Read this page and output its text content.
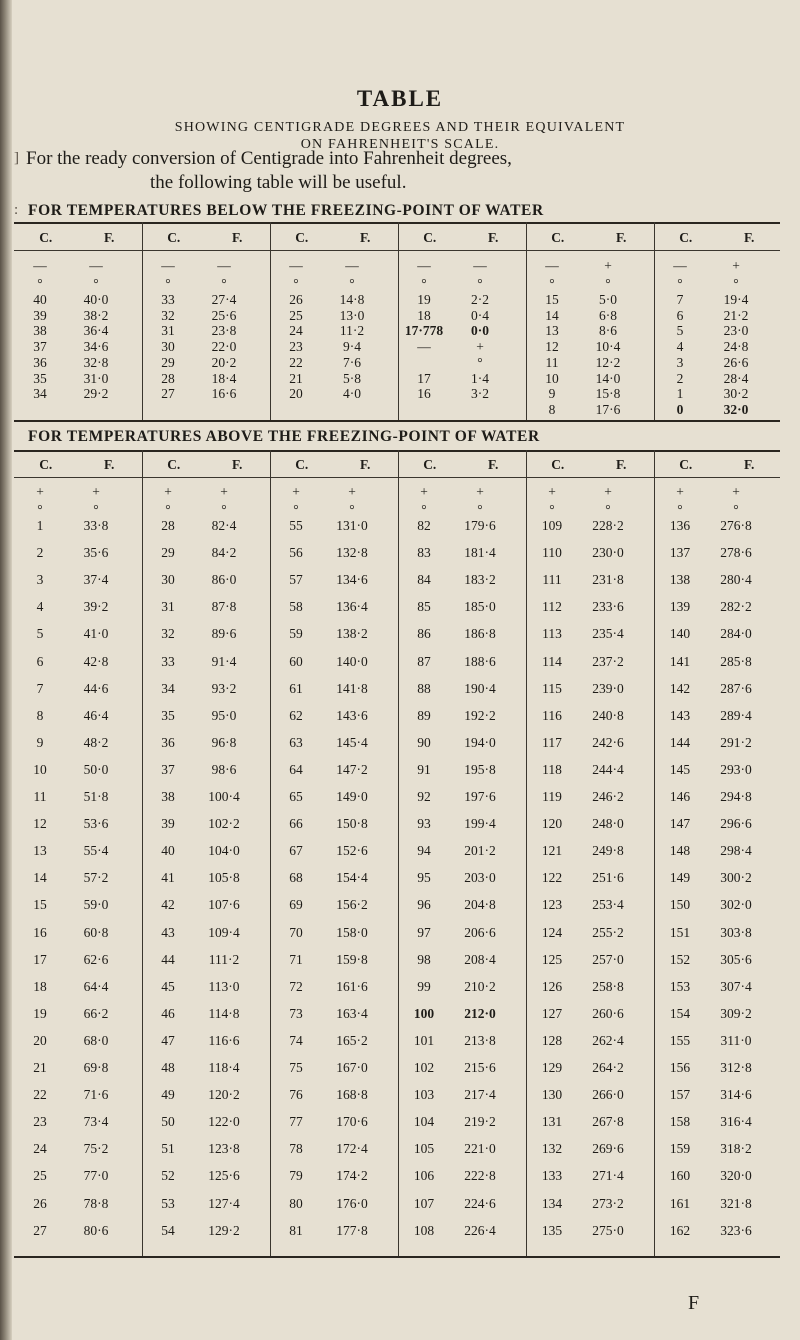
TABLE
SHOWING CENTIGRADE DEGREES AND THEIR EQUIVALENT
ON FAHRENHEIT'S SCALE.
] For the ready conversion of Centigrade into Fahrenheit degrees,
the following table will be useful.
: FOR TEMPERATURES BELOW THE FREEZING-POINT OF WATER
FOR TEMPERATURES ABOVE THE FREEZING-POINT OF WATER
C.	F.
—	—
°	°
40	40·0
39	38·2
38	36·4
37	34·6
36	32·8
35	31·0
34	29·2
C.	F.
—	—
°	°
33	27·4
32	25·6
31	23·8
30	22·0
29	20·2
28	18·4
27	16·6
C.	F.
—	—
°	°
26	14·8
25	13·0
24	11·2
23	9·4
22	7·6
21	5·8
20	4·0
C.	F.
—	—
°	°
19	2·2
18	0·4
17·778 0·0
—	+
°
17	1·4
16	3·2
C.	F.
—	+
°	°
15	5·0
14	6·8
13	8·6
12	10·4
11	12·2
10	14·0
9	15·8
8	17·6
C.	F.
—	+
°	°
7	19·4
6	21·2
5	23·0
4	24·8
3	26·6
2	28·4
1	30·2
0	32·0
C.	F.
+	+
°	°
1	33·8
2	35·6
3	37·4
4	39·2
5	41·0
6	42·8
7	44·6
8	46·4
9	48·2
10	50·0
11	51·8
12	53·6
13	55·4
14	57·2
15	59·0
16	60·8
17	62·6
18	64·4
19	66·2
20	68·0
21	69·8
22	71·6
23	73·4
24	75·2
25	77·0
26	78·8
27	80·6
C.	F.
+	+
°	°
28	82·4
29	84·2
30	86·0
31	87·8
32	89·6
33	91·4
34	93·2
35	95·0
36	96·8
37	98·6
38 100·4
39 102·2
40 104·0
41 105·8
42 107·6
43 109·4
44	111·2
45	113·0
46	114·8
47	116·6
48	118·4
49 120·2
50 122·0
51 123·8
52 125·6
53 127·4
54 129·2
C.	F.
+	+
°	°
55 131·0
56 132·8
57 134·6
58 136·4
59 138·2
60 140·0
61 141·8
62 143·6
63 145·4
64 147·2
65 149·0
66 150·8
67 152·6
68 154·4
69 156·2
70 158·0
71 159·8
72 161·6
73 163·4
74 165·2
75 167·0
76 168·8
77 170·6
78 172·4
79 174·2
80 176·0
81 177·8
C.	F.
+	+
°	°
82 179·6
83 181·4
84 183·2
85 185·0
86 186·8
87 188·6
88 190·4
89 192·2
90 194·0
91 195·8
92 197·6
93 199·4
94 201·2
95 203·0
96 204·8
97 206·6
98 208·4
99 210·2
100 212·0
101 213·8
102 215·6
103 217·4
104 219·2
105 221·0
106 222·8
107 224·6
108 226·4
C.	F.
+	+
°	°
109 228·2
110 230·0
111 231·8
112 233·6
113 235·4
114 237·2
115 239·0
116 240·8
117 242·6
118 244·4
119 246·2
120 248·0
121 249·8
122 251·6
123 253·4
124 255·2
125 257·0
126 258·8
127 260·6
128 262·4
129 264·2
130 266·0
131 267·8
132 269·6
133 271·4
134 273·2
135 275·0
C.	F.
+	+
°	°
136 276·8
137 278·6
138 280·4
139 282·2
140 284·0
141 285·8
142 287·6
143 289·4
144 291·2
145 293·0
146 294·8
147 296·6
148 298·4
149 300·2
150 302·0
151 303·8
152 305·6
153 307·4
154 309·2
155 311·0
156 312·8
157 314·6
158 316·4
159 318·2
160 320·0
161 321·8
162 323·6
F
